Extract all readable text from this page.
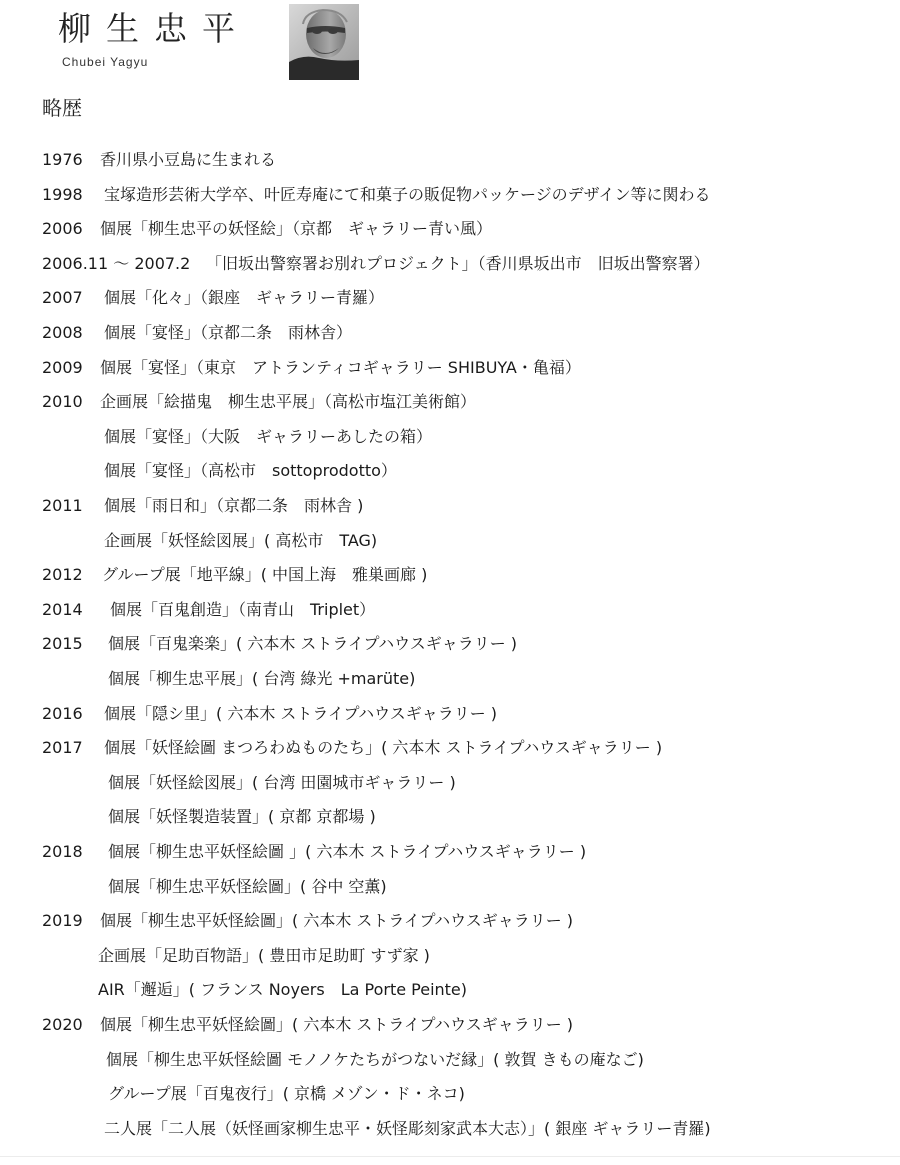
柳生忠平
Chubei Yagyu
略歴
1976 香川県小豆島に生まれる
1998 宝塚造形芸術大学卒、叶匠寿庵にて和菓子の販促物パッケージのデザイン等に関わる
2006 個展「柳生忠平の妖怪絵」（京都　ギャラリー青い風）
2006.11 ～ 2007.2 「旧坂出警察署お別れプロジェクト」（香川県坂出市　旧坂出警察署）
2007 個展「化々」（銀座　ギャラリー青羅）
2008 個展「宴怪」（京都二条　雨林舎）
2009 個展「宴怪」（東京　アトランティコギャラリー SHIBUYA・亀福）
2010 企画展「絵描鬼　柳生忠平展」（高松市塩江美術館）
個展「宴怪」（大阪　ギャラリーあしたの箱）
個展「宴怪」（高松市　sottoprodotto）
2011 個展「雨日和」（京都二条　雨林舎 )
企画展「妖怪絵図展」( 高松市　TAG)
2012 グループ展「地平線」( 中国上海　雅巣画廊 )
2014 個展「百鬼創造」（南青山　Triplet）
2015 個展「百鬼楽楽」( 六本木 ストライプハウスギャラリー )
個展「柳生忠平展」( 台湾 綠光 +marüte)
2016 個展「隠シ里」( 六本木 ストライプハウスギャラリー )
2017 個展「妖怪絵圖 まつろわぬものたち」( 六本木 ストライプハウスギャラリー )
個展「妖怪絵図展」( 台湾 田園城市ギャラリー )
個展「妖怪製造装置」( 京都 京都場 )
2018 個展「柳生忠平妖怪絵圖 」( 六本木 ストライプハウスギャラリー )
個展「柳生忠平妖怪絵圖」( 谷中 空薫)
2019 個展「柳生忠平妖怪絵圖」( 六本木 ストライプハウスギャラリー )
企画展「足助百物語」( 豊田市足助町 すず家 )
AIR「邂逅」( フランス Noyers　La Porte Peinte)
2020 個展「柳生忠平妖怪絵圖」( 六本木 ストライプハウスギャラリー )
個展「柳生忠平妖怪絵圖 モノノケたちがつないだ縁」( 敦賀 きもの庵なご)
グループ展「百鬼夜行」( 京橋 メゾン・ド・ネコ)
二人展「二人展（妖怪画家柳生忠平・妖怪彫刻家武本大志）」( 銀座 ギャラリー青羅)
